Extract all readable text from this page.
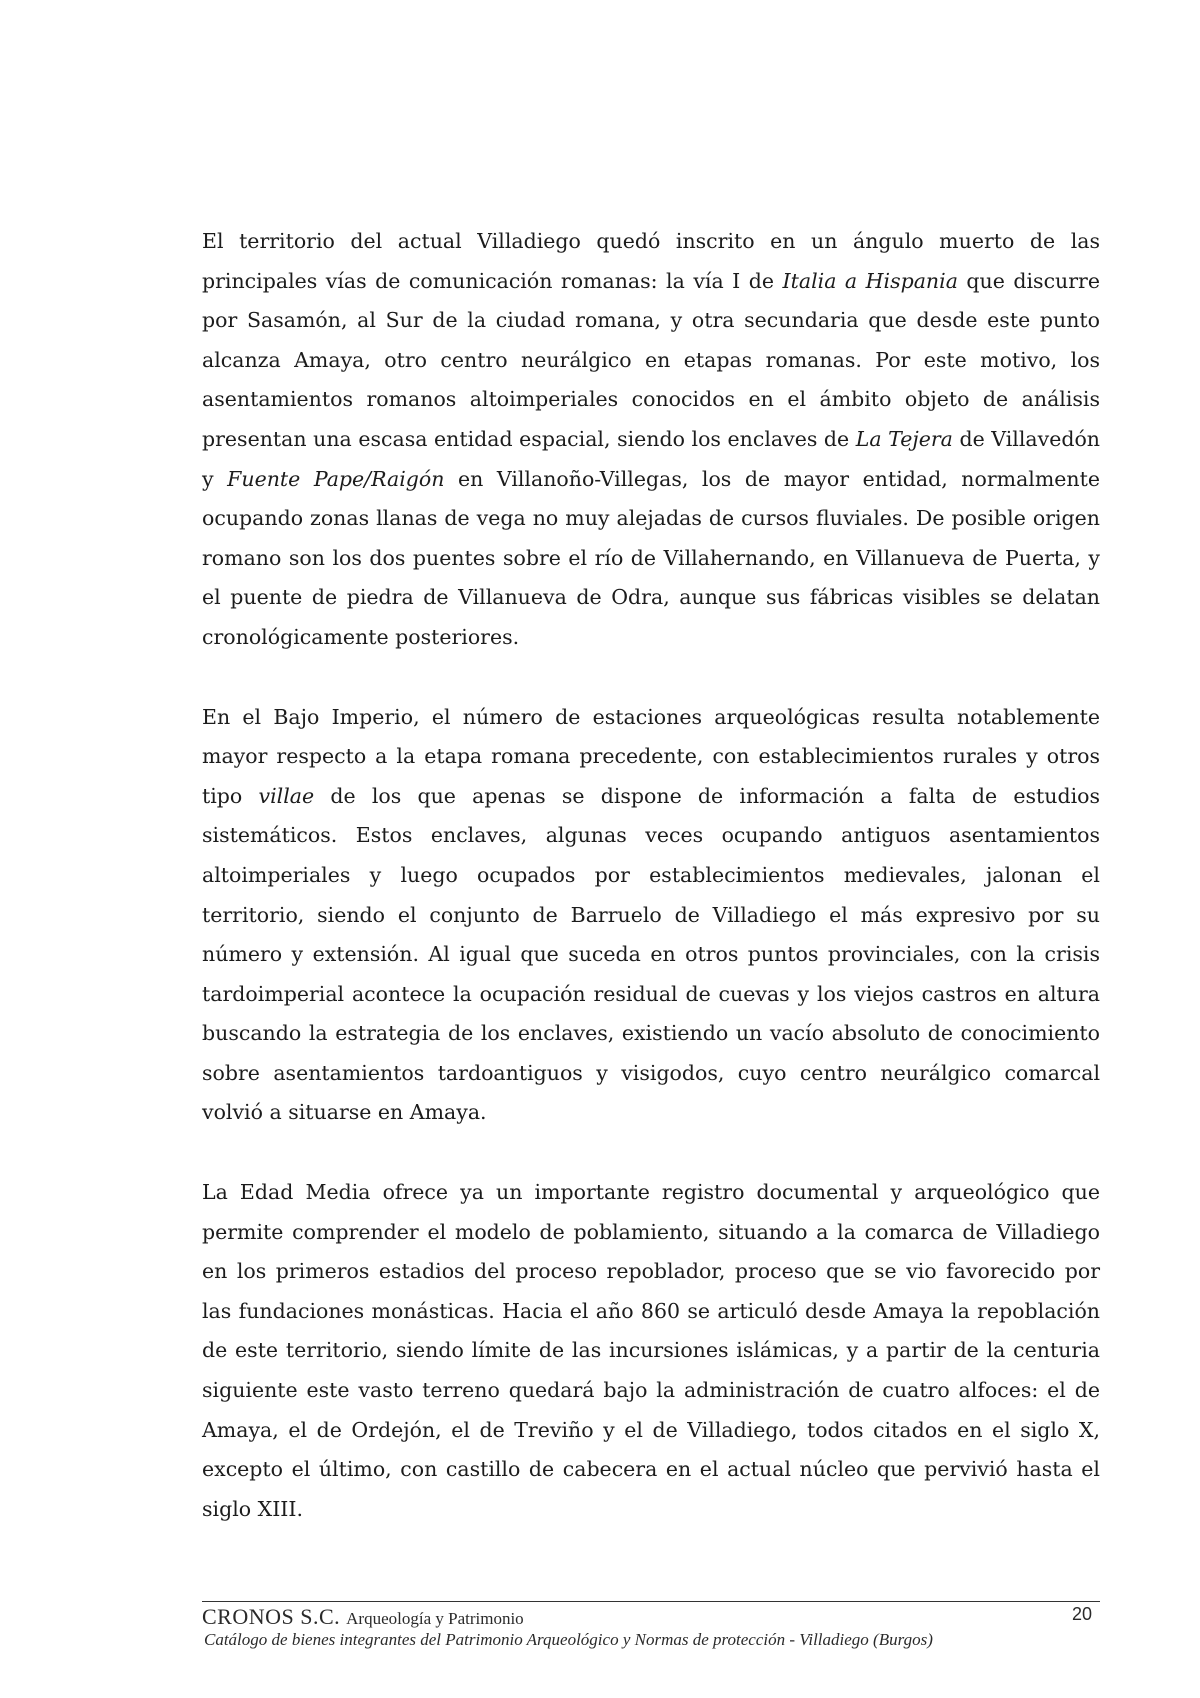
El territorio del actual Villadiego quedó inscrito en un ángulo muerto de las principales vías de comunicación romanas: la vía I de Italia a Hispania que discurre por Sasamón, al Sur de la ciudad romana, y otra secundaria que desde este punto alcanza Amaya, otro centro neurálgico en etapas romanas. Por este motivo, los asentamientos romanos altoimperiales conocidos en el ámbito objeto de análisis presentan una escasa entidad espacial, siendo los enclaves de La Tejera de Villavedón y Fuente Pape/Raigón en Villanoño-Villegas, los de mayor entidad, normalmente ocupando zonas llanas de vega no muy alejadas de cursos fluviales. De posible origen romano son los dos puentes sobre el río de Villahernando, en Villanueva de Puerta, y el puente de piedra de Villanueva de Odra, aunque sus fábricas visibles se delatan cronológicamente posteriores.

En el Bajo Imperio, el número de estaciones arqueológicas resulta notablemente mayor respecto a la etapa romana precedente, con establecimientos rurales y otros tipo villae de los que apenas se dispone de información a falta de estudios sistemáticos. Estos enclaves, algunas veces ocupando antiguos asentamientos altoimperiales y luego ocupados por establecimientos medievales, jalonan el territorio, siendo el conjunto de Barruelo de Villadiego el más expresivo por su número y extensión. Al igual que suceda en otros puntos provinciales, con la crisis tardoimperial acontece la ocupación residual de cuevas y los viejos castros en altura buscando la estrategia de los enclaves, existiendo un vacío absoluto de conocimiento sobre asentamientos tardoantiguos y visigodos, cuyo centro neurálgico comarcal volvió a situarse en Amaya.

La Edad Media ofrece ya un importante registro documental y arqueológico que permite comprender el modelo de poblamiento, situando a la comarca de Villadiego en los primeros estadios del proceso repoblador, proceso que se vio favorecido por las fundaciones monásticas. Hacia el año 860 se articuló desde Amaya la repoblación de este territorio, siendo límite de las incursiones islámicas, y a partir de la centuria siguiente este vasto terreno quedará bajo la administración de cuatro alfoces: el de Amaya, el de Ordejón, el de Treviño y el de Villadiego, todos citados en el siglo X, excepto el último, con castillo de cabecera en el actual núcleo que pervivió hasta el siglo XIII.

CRONOS S.C. Arqueología y Patrimonio	20
Catálogo de bienes integrantes del Patrimonio Arqueológico y Normas de protección - Villadiego (Burgos)
